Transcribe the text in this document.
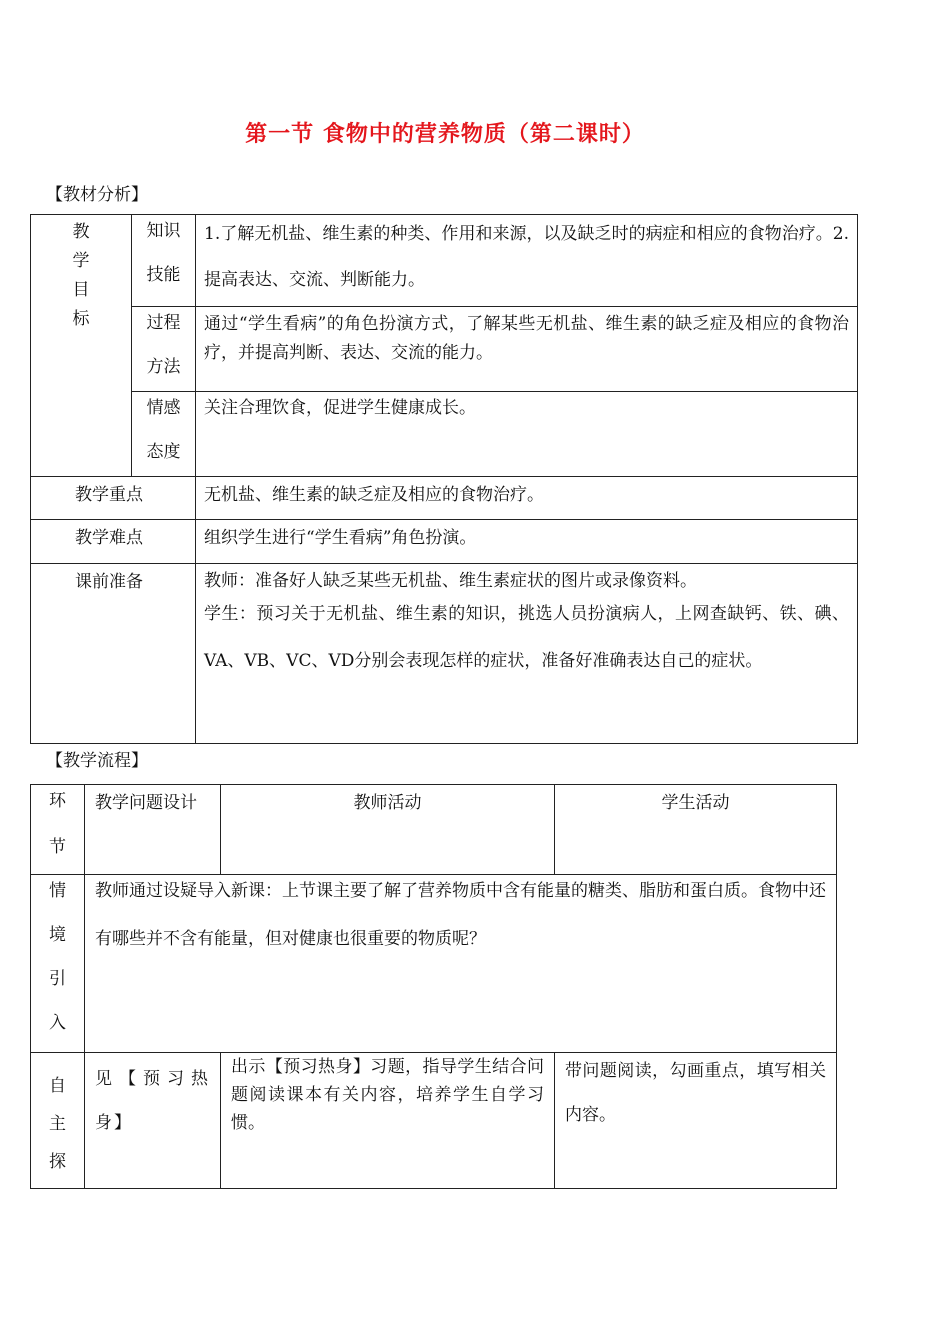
第一节 食物中的营养物质（第二课时）
【教材分析】
教
学
目
标	知识
技能	1.了解无机盐、维生素的种类、作用和来源，以及缺乏时的病症和相应的食物治疗。2.提高表达、交流、判断能力。

	过程
方法	通过“学生看病”的角色扮演方式，了解某些无机盐、维生素的缺乏症及相应的食物治疗，并提高判断、表达、交流的能力。

	情感
态度	关注合理饮食，促进学生健康成长。

教学重点		无机盐、维生素的缺乏症及相应的食物治疗。
教学难点		组织学生进行“学生看病”角色扮演。
课前准备		教师：准备好人缺乏某些无机盐、维生素症状的图片或录像资料。
学生：预习关于无机盐、维生素的知识，挑选人员扮演病人，上网查缺钙、铁、碘、VA、VB、VC、VD分别会表现怎样的症状，准备好准确表达自己的症状。
【教学流程】
环
节	教学问题设计	教师活动	学生活动

情
境
引
入	教师通过设疑导入新课：上节课主要了解了营养物质中含有能量的糖类、脂肪和蛋白质。食物中还有哪些并不含有能量，但对健康也很重要的物质呢？		

自
主
探	见【预习热身】	出示【预习热身】习题，指导学生结合问题阅读课本有关内容，培养学生自学习惯。	带问题阅读，勾画重点，填写相关内容。
